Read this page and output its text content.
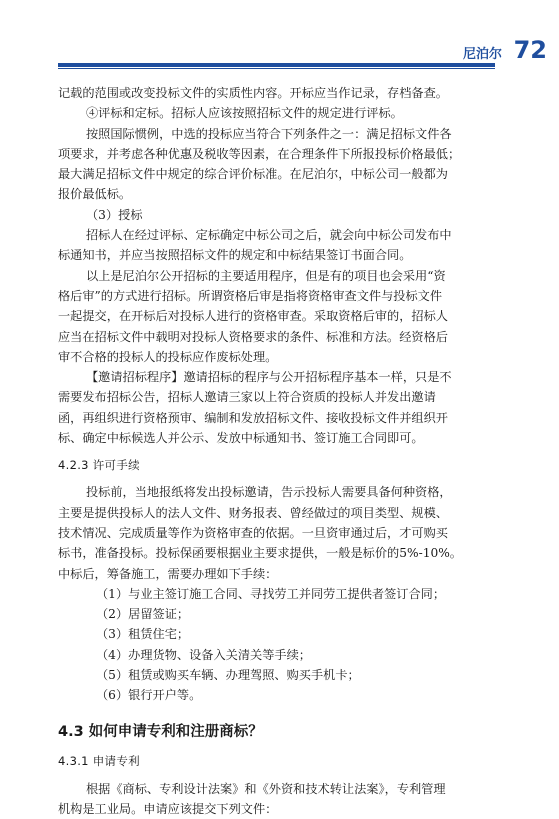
尼泊尔 72

记载的范围或改变投标文件的实质性内容。开标应当作记录，存档备查。

④评标和定标。招标人应该按照招标文件的规定进行评标。

按照国际惯例，中选的投标应当符合下列条件之一：满足招标文件各

项要求，并考虑各种优惠及税收等因素，在合理条件下所报投标价格最低；

最大满足招标文件中规定的综合评价标准。在尼泊尔，中标公司一般都为

报价最低标。

（3）授标

招标人在经过评标、定标确定中标公司之后，就会向中标公司发布中

标通知书，并应当按照招标文件的规定和中标结果签订书面合同。

以上是尼泊尔公开招标的主要适用程序，但是有的项目也会采用“资

格后审”的方式进行招标。所谓资格后审是指将资格审查文件与投标文件

一起提交，在开标后对投标人进行的资格审查。采取资格后审的，招标人

应当在招标文件中载明对投标人资格要求的条件、标准和方法。经资格后

审不合格的投标人的投标应作废标处理。

【邀请招标程序】邀请招标的程序与公开招标程序基本一样，只是不

需要发布招标公告，招标人邀请三家以上符合资质的投标人并发出邀请

函，再组织进行资格预审、编制和发放招标文件、接收投标文件并组织开

标、确定中标候选人并公示、发放中标通知书、签订施工合同即可。

4.2.3 许可手续

投标前，当地报纸将发出投标邀请，告示投标人需要具备何种资格，

主要是提供投标人的法人文件、财务报表、曾经做过的项目类型、规模、

技术情况、完成质量等作为资格审查的依据。一旦资审通过后，才可购买

标书，准备投标。投标保函要根据业主要求提供，一般是标价的5%-10%。

中标后，筹备施工，需要办理如下手续：

（1）与业主签订施工合同、寻找劳工并同劳工提供者签订合同；

（2）居留签证；

（3）租赁住宅；

（4）办理货物、设备入关清关等手续；

（5）租赁或购买车辆、办理驾照、购买手机卡；

（6）银行开户等。

4.3 如何申请专利和注册商标？

4.3.1 申请专利

根据《商标、专利设计法案》和《外资和技术转让法案》，专利管理

机构是工业局。申请应该提交下列文件：
